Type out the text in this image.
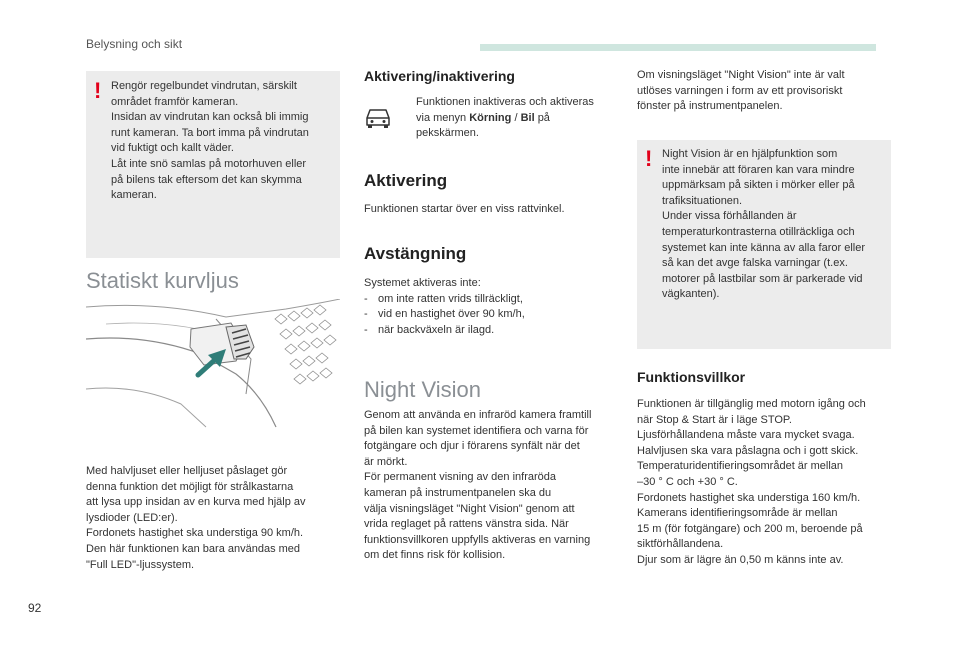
Belysning och sikt
! Rengör regelbundet vindrutan, särskilt
området framför kameran.
Insidan av vindrutan kan också bli immig
runt kameran. Ta bort imma på vindrutan
vid fuktigt och kallt väder.
Låt inte snö samlas på motorhuven eller
på bilens tak eftersom det kan skymma
kameran.
Statiskt kurvljus
Med halvljuset eller helljuset påslaget gör
denna funktion det möjligt för strålkastarna
att lysa upp insidan av en kurva med hjälp av
lysdioder (LED:er).
Fordonets hastighet ska understiga 90 km/h.
Den här funktionen kan bara användas med
"Full LED"-ljussystem.
Aktivering/inaktivering
Funktionen inaktiveras och aktiveras
via menyn Körning / Bil på
pekskärmen.
Aktivering
Funktionen startar över en viss rattvinkel.
Avstängning
Systemet aktiveras inte:
- om inte ratten vrids tillräckligt,
- vid en hastighet över 90 km/h,
- när backväxeln är ilagd.
Night Vision
Genom att använda en infraröd kamera framtill
på bilen kan systemet identifiera och varna för
fotgängare och djur i förarens synfält när det
är mörkt.
För permanent visning av den infraröda
kameran på instrumentpanelen ska du
välja visningsläget "Night Vision" genom att
vrida reglaget på rattens vänstra sida. När
funktionsvillkoren uppfylls aktiveras en varning
om det finns risk för kollision.
Om visningsläget "Night Vision" inte är valt
utlöses varningen i form av ett provisoriskt
fönster på instrumentpanelen.
! Night Vision är en hjälpfunktion som
inte innebär att föraren kan vara mindre
uppmärksam på sikten i mörker eller på
trafiksituationen.
Under vissa förhållanden är
temperaturkontrasterna otillräckliga och
systemet kan inte känna av alla faror eller
så kan det avge falska varningar (t.ex.
motorer på lastbilar som är parkerade vid
vägkanten).
Funktionsvillkor
Funktionen är tillgänglig med motorn igång och
när Stop & Start är i läge STOP.
Ljusförhållandena måste vara mycket svaga.
Halvljusen ska vara påslagna och i gott skick.
Temperaturidentifieringsområdet är mellan
–30 ° C och +30 ° C.
Fordonets hastighet ska understiga 160 km/h.
Kamerans identifieringsområde är mellan
15 m (för fotgängare) och 200 m, beroende på
siktförhållandena.
Djur som är lägre än 0,50 m känns inte av.
92
